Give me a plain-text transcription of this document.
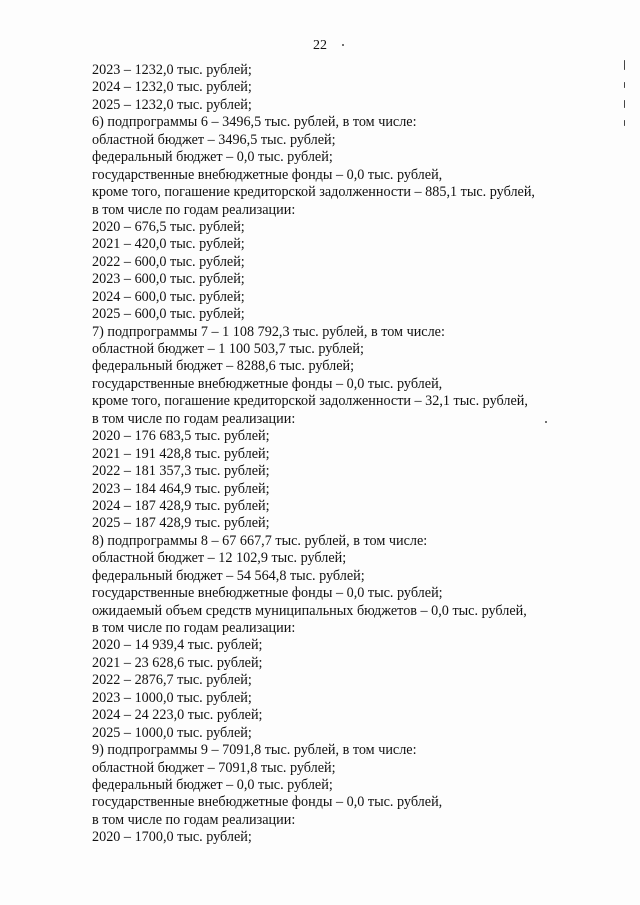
22
2023 – 1232,0 тыс. рублей;
2024 – 1232,0 тыс. рублей;
2025 – 1232,0 тыс. рублей;
6) подпрограммы 6 – 3496,5 тыс. рублей, в том числе:
областной бюджет – 3496,5 тыс. рублей;
федеральный бюджет – 0,0 тыс. рублей;
государственные внебюджетные фонды – 0,0 тыс. рублей,
кроме того, погашение кредиторской задолженности – 885,1 тыс. рублей,
в том числе по годам реализации:
2020 – 676,5 тыс. рублей;
2021 – 420,0 тыс. рублей;
2022 – 600,0 тыс. рублей;
2023 – 600,0 тыс. рублей;
2024 – 600,0 тыс. рублей;
2025 – 600,0 тыс. рублей;
7) подпрограммы 7 – 1 108 792,3 тыс. рублей, в том числе:
областной бюджет – 1 100 503,7 тыс. рублей;
федеральный бюджет – 8288,6 тыс. рублей;
государственные внебюджетные фонды – 0,0 тыс. рублей,
кроме того, погашение кредиторской задолженности – 32,1 тыс. рублей,
в том числе по годам реализации:
2020 – 176 683,5 тыс. рублей;
2021 – 191 428,8 тыс. рублей;
2022 – 181 357,3 тыс. рублей;
2023 – 184 464,9 тыс. рублей;
2024 – 187 428,9 тыс. рублей;
2025 – 187 428,9 тыс. рублей;
8) подпрограммы 8 – 67 667,7 тыс. рублей, в том числе:
областной бюджет – 12 102,9 тыс. рублей;
федеральный бюджет – 54 564,8 тыс. рублей;
государственные внебюджетные фонды – 0,0 тыс. рублей;
ожидаемый объем средств муниципальных бюджетов – 0,0 тыс. рублей,
в том числе по годам реализации:
2020 – 14 939,4 тыс. рублей;
2021 – 23 628,6 тыс. рублей;
2022 – 2876,7 тыс. рублей;
2023 – 1000,0 тыс. рублей;
2024 – 24 223,0 тыс. рублей;
2025 – 1000,0 тыс. рублей;
9) подпрограммы 9 – 7091,8 тыс. рублей, в том числе:
областной бюджет – 7091,8 тыс. рублей;
федеральный бюджет – 0,0 тыс. рублей;
государственные внебюджетные фонды – 0,0 тыс. рублей,
в том числе по годам реализации:
2020 – 1700,0 тыс. рублей;
